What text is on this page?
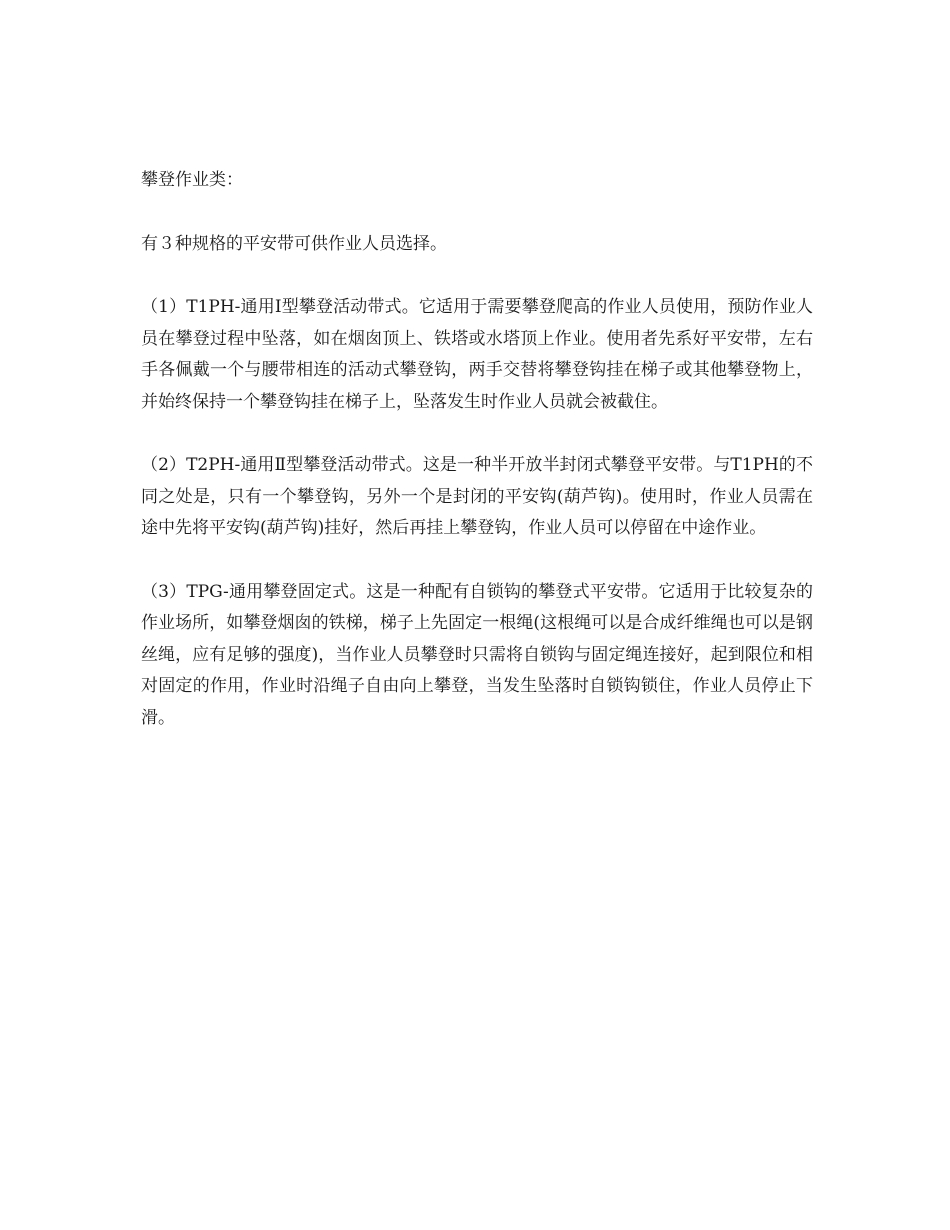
攀登作业类：

有３种规格的平安带可供作业人员选择。

（1）T1PH-通用Ⅰ型攀登活动带式。它适用于需要攀登爬高的作业人员使用，预防作业人员在攀登过程中坠落，如在烟囱顶上、铁塔或水塔顶上作业。使用者先系好平安带，左右手各佩戴一个与腰带相连的活动式攀登钩，两手交替将攀登钩挂在梯子或其他攀登物上，并始终保持一个攀登钩挂在梯子上，坠落发生时作业人员就会被截住。

（2）T2PH-通用Ⅱ型攀登活动带式。这是一种半开放半封闭式攀登平安带。与T1PH的不同之处是，只有一个攀登钩，另外一个是封闭的平安钩(葫芦钩)。使用时，作业人员需在途中先将平安钩(葫芦钩)挂好，然后再挂上攀登钩，作业人员可以停留在中途作业。

（3）TPG-通用攀登固定式。这是一种配有自锁钩的攀登式平安带。它适用于比较复杂的作业场所，如攀登烟囱的铁梯，梯子上先固定一根绳(这根绳可以是合成纤维绳也可以是钢丝绳，应有足够的强度)，当作业人员攀登时只需将自锁钩与固定绳连接好，起到限位和相对固定的作用，作业时沿绳子自由向上攀登，当发生坠落时自锁钩锁住，作业人员停止下滑。
